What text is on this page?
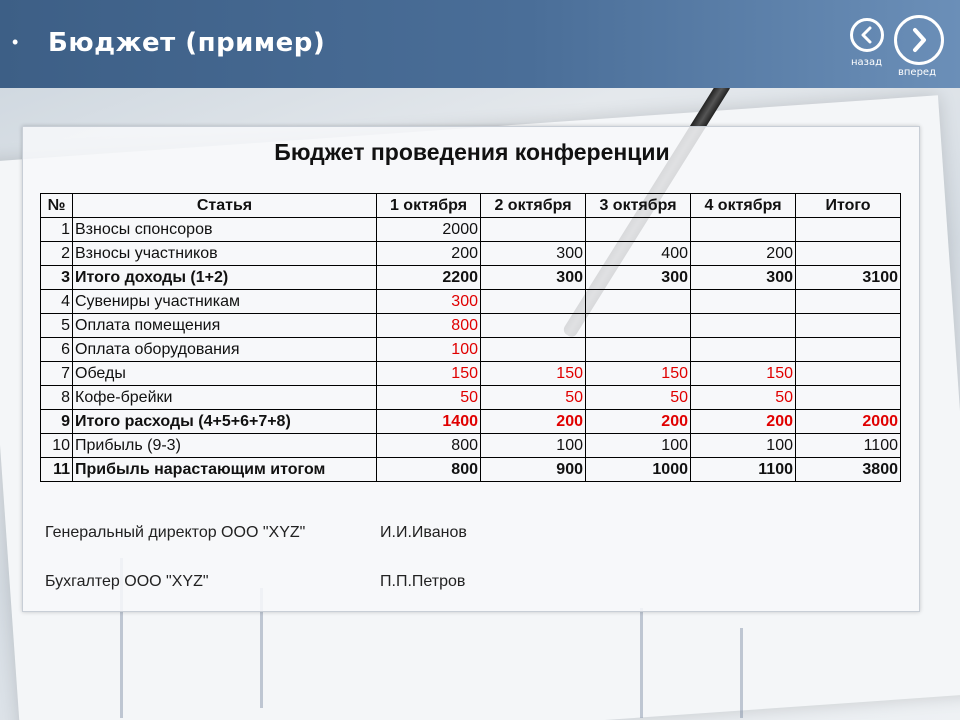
• Бюджет (пример)
назад
вперед
Бюджет проведения конференции
№	Статья	1 октября	2 октября	3 октября	4 октября	Итого
1	Взносы спонсоров	2000				
2	Взносы участников	200	300	400	200	
3	Итого доходы (1+2)	2200	300	300	300	3100
4	Сувениры участникам	300				
5	Оплата помещения	800				
6	Оплата оборудования	100				
7	Обеды	150	150	150	150	
8	Кофе-брейки	50	50	50	50	
9	Итого расходы (4+5+6+7+8)	1400	200	200	200	2000
10	Прибыль (9-3)	800	100	100	100	1100
11	Прибыль нарастающим итогом	800	900	1000	1100	3800
Генеральный директор ООО "XYZ"	И.И.Иванов
Бухгалтер ООО "XYZ"	П.П.Петров
